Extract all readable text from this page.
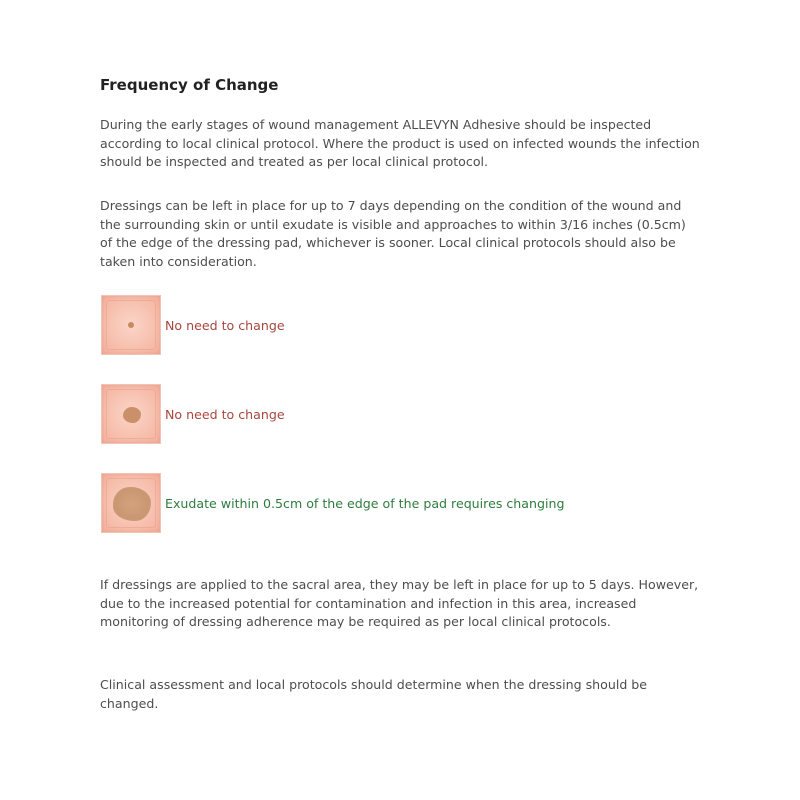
Frequency of Change

During the early stages of wound management ALLEVYN Adhesive should be inspected according to local clinical protocol. Where the product is used on infected wounds the infection should be inspected and treated as per local clinical protocol.

Dressings can be left in place for up to 7 days depending on the condition of the wound and the surrounding skin or until exudate is visible and approaches to within 3/16 inches (0.5cm) of the edge of the dressing pad, whichever is sooner. Local clinical protocols should also be taken into consideration.

No need to change
No need to change
Exudate within 0.5cm of the edge of the pad requires changing

If dressings are applied to the sacral area, they may be left in place for up to 5 days. However, due to the increased potential for contamination and infection in this area, increased monitoring of dressing adherence may be required as per local clinical protocols.

Clinical assessment and local protocols should determine when the dressing should be changed.
